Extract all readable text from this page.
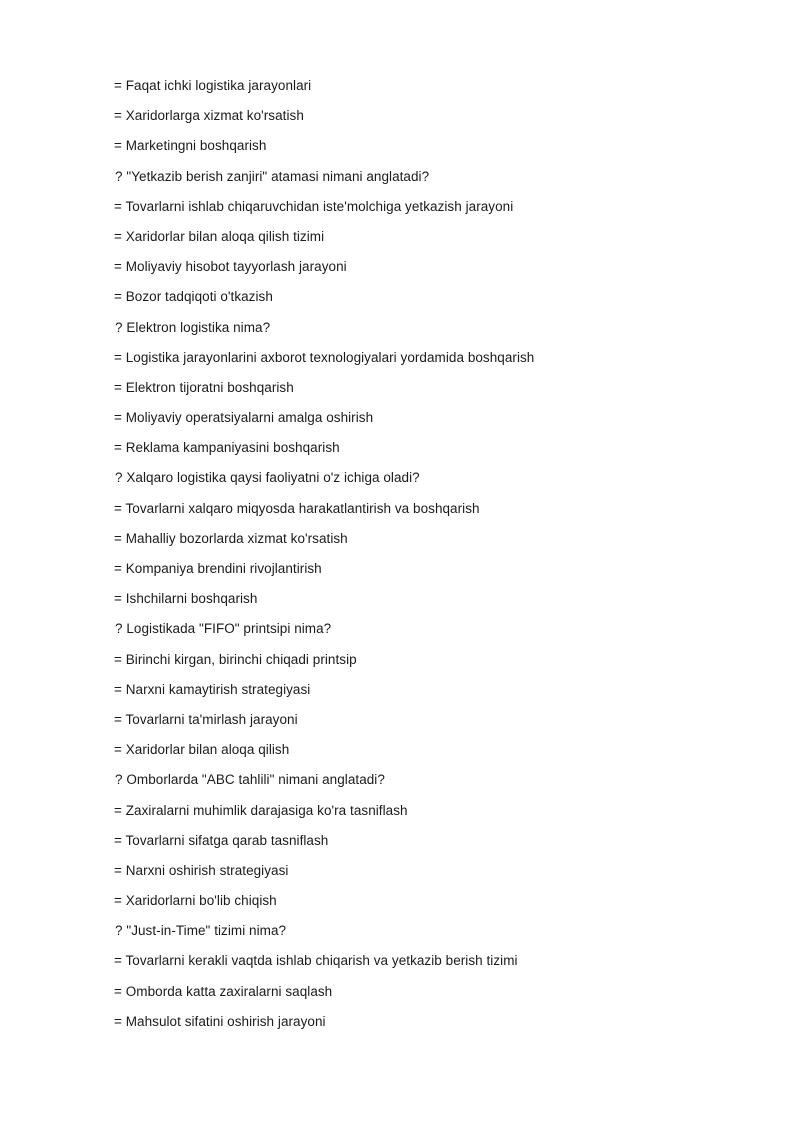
= Faqat ichki logistika jarayonlari
= Xaridorlarga xizmat ko'rsatish
= Marketingni boshqarish
? "Yetkazib berish zanjiri" atamasi nimani anglatadi?
= Tovarlarni ishlab chiqaruvchidan iste'molchiga yetkazish jarayoni
= Xaridorlar bilan aloqa qilish tizimi
= Moliyaviy hisobot tayyorlash jarayoni
= Bozor tadqiqoti o'tkazish
? Elektron logistika nima?
= Logistika jarayonlarini axborot texnologiyalari yordamida boshqarish
= Elektron tijoratni boshqarish
= Moliyaviy operatsiyalarni amalga oshirish
= Reklama kampaniyasini boshqarish
? Xalqaro logistika qaysi faoliyatni o'z ichiga oladi?
= Tovarlarni xalqaro miqyosda harakatlantirish va boshqarish
= Mahalliy bozorlarda xizmat ko'rsatish
= Kompaniya brendini rivojlantirish
= Ishchilarni boshqarish
? Logistikada "FIFO" printsipi nima?
= Birinchi kirgan, birinchi chiqadi printsip
= Narxni kamaytirish strategiyasi
= Tovarlarni ta'mirlash jarayoni
= Xaridorlar bilan aloqa qilish
? Omborlarda "ABC tahlili" nimani anglatadi?
= Zaxiralarni muhimlik darajasiga ko'ra tasniflash
= Tovarlarni sifatga qarab tasniflash
= Narxni oshirish strategiyasi
= Xaridorlarni bo'lib chiqish
? "Just-in-Time" tizimi nima?
= Tovarlarni kerakli vaqtda ishlab chiqarish va yetkazib berish tizimi
= Omborda katta zaxiralarni saqlash
= Mahsulot sifatini oshirish jarayoni
